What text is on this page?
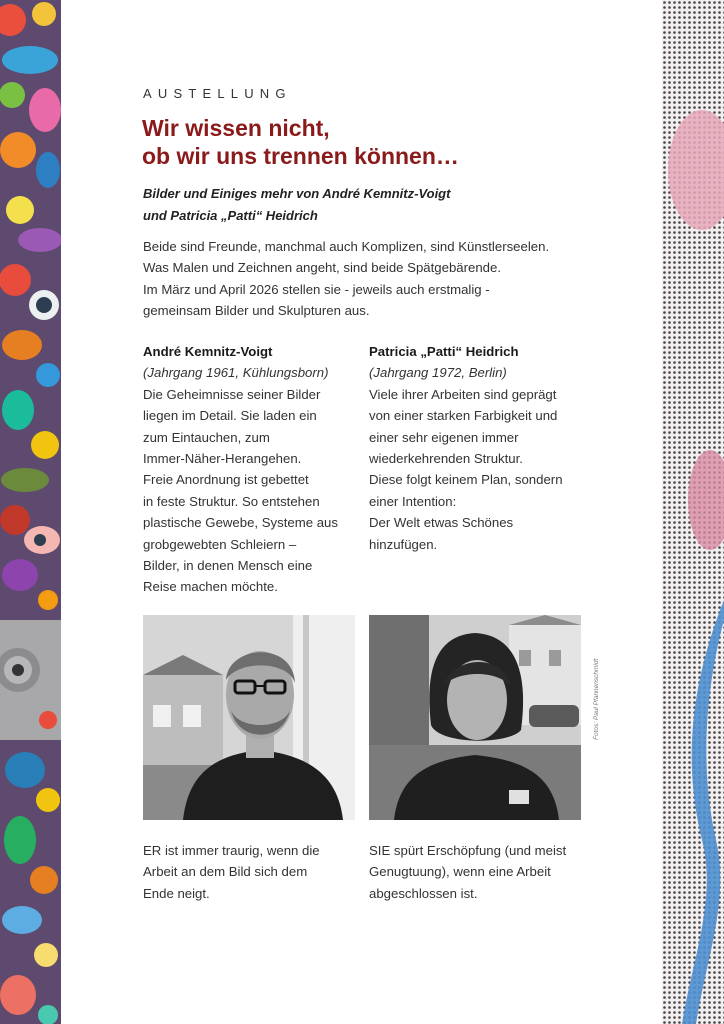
AUSTELLUNG
Wir wissen nicht,
ob wir uns trennen können…
Bilder und Einiges mehr von André Kemnitz-Voigt
und Patricia „Patti“ Heidrich
Beide sind Freunde, manchmal auch Komplizen, sind Künstlerseelen.
Was Malen und Zeichnen angeht, sind beide Spätgebärende.
Im März und April 2026 stellen sie - jeweils auch erstmalig -
gemeinsam Bilder und Skulpturen aus.
André Kemnitz-Voigt
(Jahrgang 1961, Kühlungsborn)
Die Geheimnisse seiner Bilder
liegen im Detail. Sie laden ein
zum Eintauchen, zum
Immer-Näher-Herangehen.
Freie Anordnung ist gebettet
in feste Struktur. So entstehen
plastische Gewebe, Systeme aus
grobgewebten Schleiern –
Bilder, in denen Mensch eine
Reise machen möchte.
Patricia „Patti“ Heidrich
(Jahrgang 1972, Berlin)
Viele ihrer Arbeiten sind geprägt
von einer starken Farbigkeit und
einer sehr eigenen immer
wiederkehrenden Struktur.
Diese folgt keinem Plan, sondern
einer Intention:
Der Welt etwas Schönes
hinzufügen.
Fotos: Paul Pfannenschmidt
ER ist immer traurig, wenn die
Arbeit an dem Bild sich dem
Ende neigt.
SIE spürt Erschöpfung (und meist
Genugtuung), wenn eine Arbeit
abgeschlossen ist.
